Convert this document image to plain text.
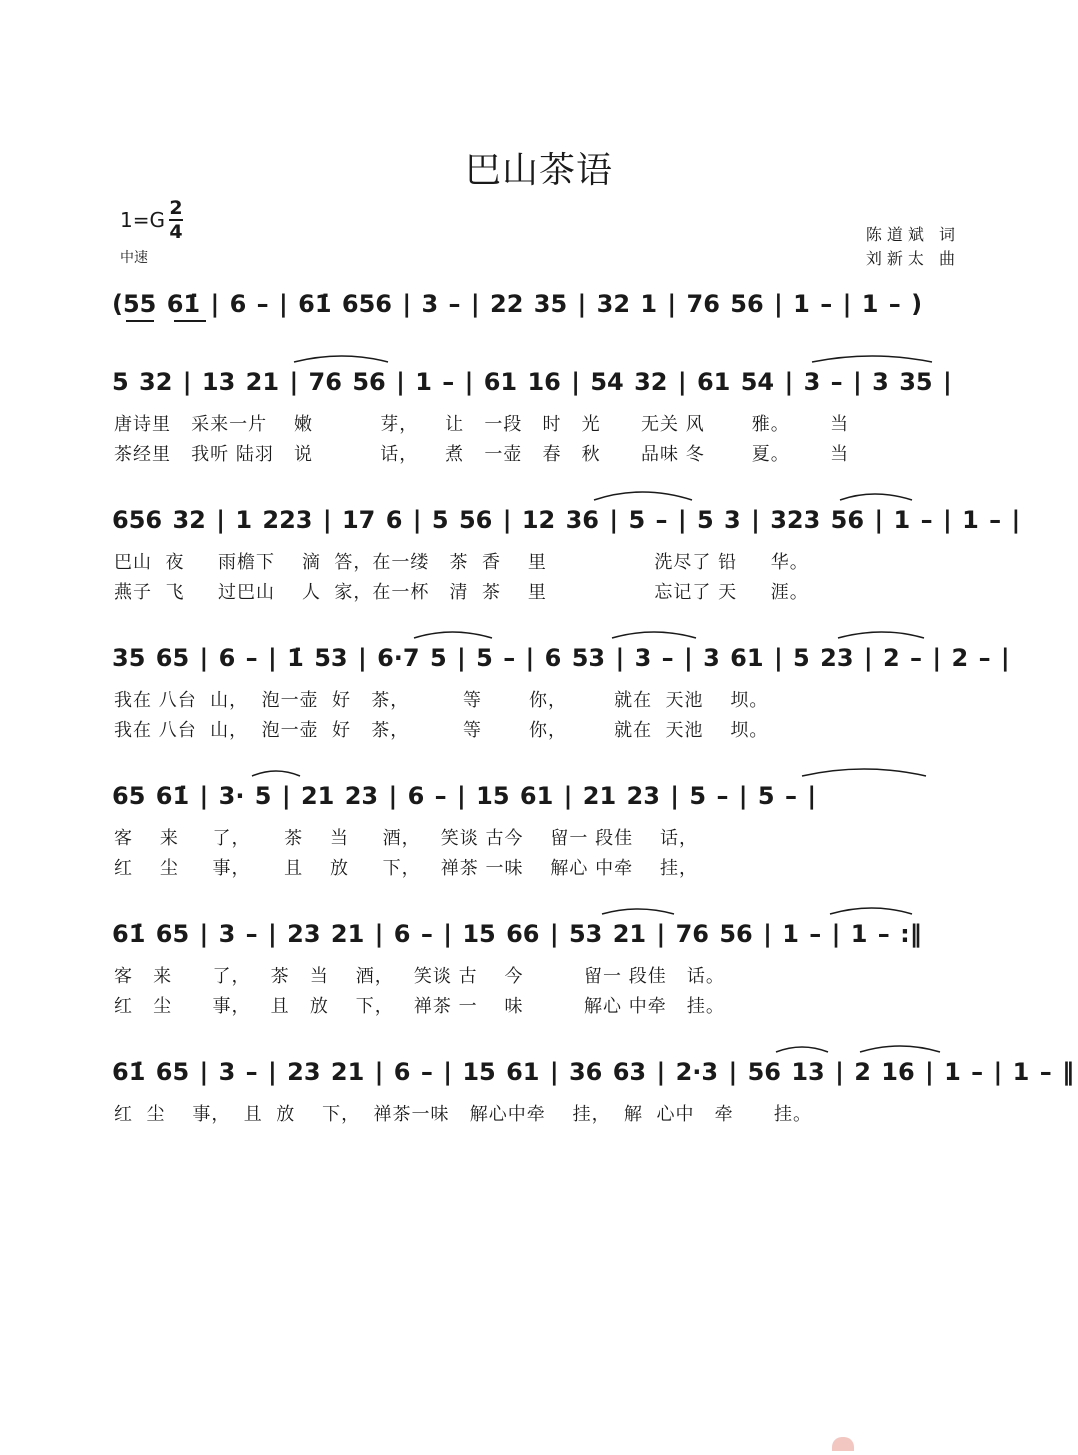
巴山茶语
$1=G \frac{2}{4}$
中速
陈道斌 词
刘新太 曲
(55 61̇ | 6 – | 61̇ 656 | 3 – | 22 35 | 32 1 | 76 56 | 1 – | 1 – )
5 32 | 13 21 | 76 56 | 1 – | 61 16 | 54 32 | 61 54 | 3 – | 3 35 |
唐诗里   采来一片    嫩          芽，    让   一段   时   光      无关 风       雅。      当
茶经里   我听 陆羽   说          话，    煮   一壶   春   秋      品味 冬       夏。      当
656 32 | 1 223 | 17 6 | 5 56 | 12 36 | 5 – | 5 3 | 323 56 | 1 – | 1 – |
巴山  夜     雨檐下    滴  答，在一缕   茶  香    里                洗尽了 铅     华。
燕子  飞     过巴山    人  家，在一杯   清  茶    里                忘记了 天     涯。
35 65 | 6 – | 1̇ 53 | 6·7 5 | 5 – | 6 53 | 3 – | 3 61 | 5 23 | 2 – | 2 – |
我在 八台  山，  泡一壶  好   茶，        等       你，       就在  天池    坝。
我在 八台  山，  泡一壶  好   茶，        等       你，       就在  天池    坝。
65 61̇ | 3· 5 | 21 23 | 6 – | 15 61 | 21 23 | 5 – | 5 – |
客    来     了，     茶    当     酒，   笑谈 古今    留一 段佳    话，
红    尘     事，     且    放     下，   禅茶 一味    解心 中牵    挂，
61̇ 65 | 3 – | 23 21 | 6 – | 15 66 | 53 21 | 76 56 | 1 – | 1 – :‖
客   来      了，   茶   当    酒，   笑谈 古    今         留一 段佳   话。
红   尘      事，   且   放    下，   禅茶 一    味         解心 中牵   挂。
61̇ 65 | 3 – | 23 21 | 6 – | 15 61 | 36 63 | 2·3 | 56 13 | 2 16 | 1 – | 1 – ‖
红  尘    事，  且  放    下，  禅茶一味   解心中牵    挂，  解  心中   牵      挂。
